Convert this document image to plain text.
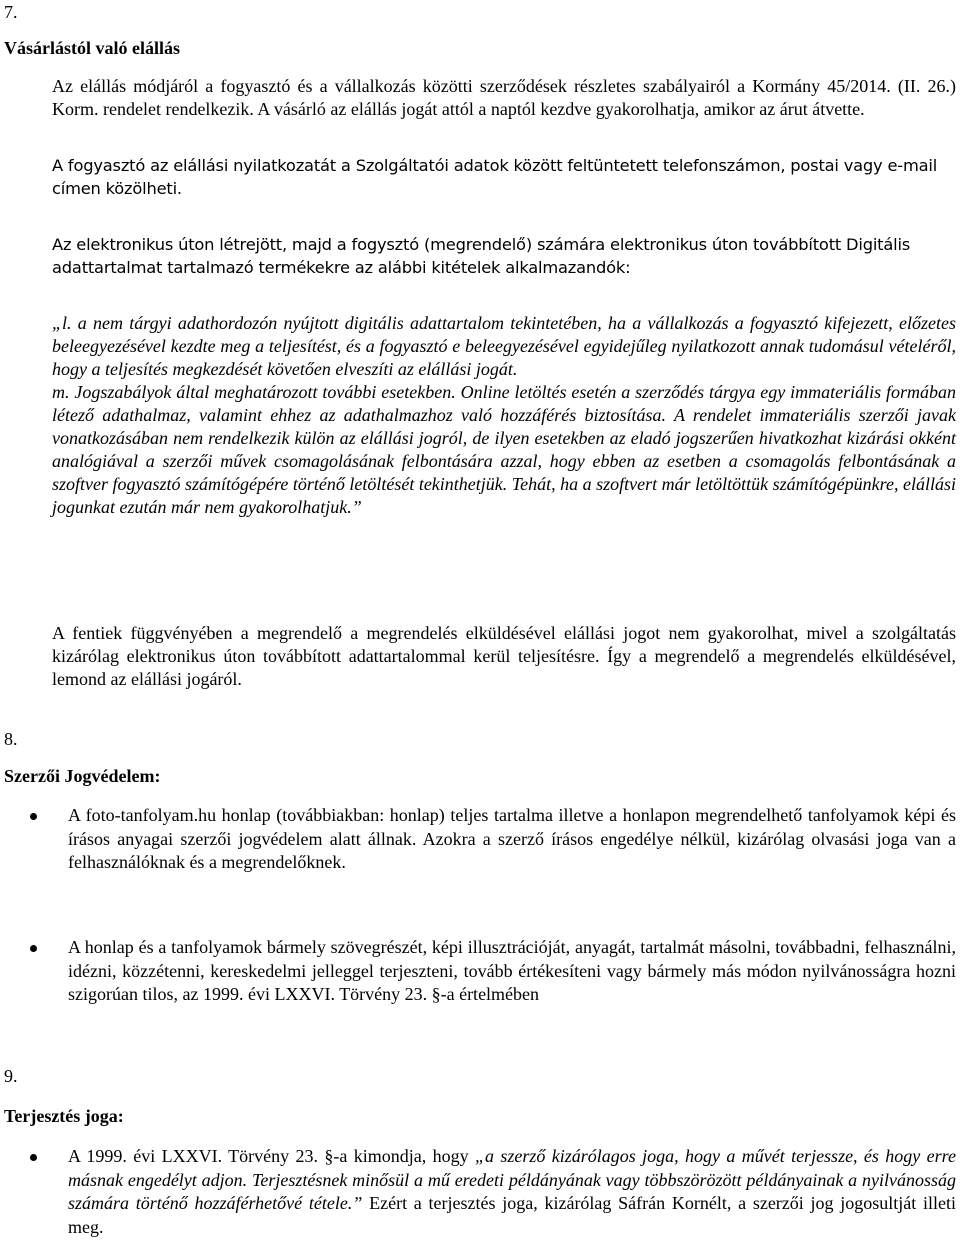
7.
Vásárlástól való elállás

Az elállás módjáról a fogyasztó és a vállalkozás közötti szerződések részletes szabályairól a Kormány 45/2014. (II. 26.) Korm. rendelet rendelkezik. A vásárló az elállás jogát attól a naptól kezdve gyakorolhatja, amikor az árut átvette.

A fogyasztó az elállási nyilatkozatát a Szolgáltatói adatok között feltüntetett telefonszámon, postai vagy e-mail címen közölheti.

Az elektronikus úton létrejött, majd a fogysztó (megrendelő) számára elektronikus úton továbbított Digitális adattartalmat tartalmazó termékekre az alábbi kitételek alkalmazandók:

„l. a nem tárgyi adathordozón nyújtott digitális adattartalom tekintetében, ha a vállalkozás a fogyasztó kifejezett, előzetes beleegyezésével kezdte meg a teljesítést, és a fogyasztó e beleegyezésével egyidejűleg nyilatkozott annak tudomásul vételéről, hogy a teljesítés megkezdését követően elveszíti az elállási jogát.
m. Jogszabályok által meghatározott további esetekben. Online letöltés esetén a szerződés tárgya egy immateriális formában létező adathalmaz, valamint ehhez az adathalmazhoz való hozzáférés biztosítása. A rendelet immateriális szerzői javak vonatkozásában nem rendelkezik külön az elállási jogról, de ilyen esetekben az eladó jogszerűen hivatkozhat kizárási okként analógiával a szerzői művek csomagolásának felbontására azzal, hogy ebben az esetben a csomagolás felbontásának a szoftver fogyasztó számítógépére történő letöltését tekinthetjük. Tehát, ha a szoftvert már letöltöttük számítógépünkre, elállási jogunkat ezután már nem gyakorolhatjuk.”

A fentiek függvényében a megrendelő a megrendelés elküldésével elállási jogot nem gyakorolhat, mivel a szolgáltatás kizárólag elektronikus úton továbbított adattartalommal kerül teljesítésre. Így a megrendelő a megrendelés elküldésével, lemond az elállási jogáról.

8.
Szerzői Jogvédelem:

A foto-tanfolyam.hu honlap (továbbiakban: honlap) teljes tartalma illetve a honlapon megrendelhető tanfolyamok képi és írásos anyagai szerzői jogvédelem alatt állnak. Azokra a szerző írásos engedélye nélkül, kizárólag olvasási joga van a felhasználóknak és a megrendelőknek.

A honlap és a tanfolyamok bármely szövegrészét, képi illusztrációját, anyagát, tartalmát másolni, továbbadni, felhasználni, idézni, közzétenni, kereskedelmi jelleggel terjeszteni, tovább értékesíteni vagy bármely más módon nyilvánosságra hozni szigorúan tilos, az 1999. évi LXXVI. Törvény 23. §-a értelmében

9.
Terjesztés joga:

A 1999. évi LXXVI. Törvény 23. §-a kimondja, hogy „a szerző kizárólagos joga, hogy a művét terjessze, és hogy erre másnak engedélyt adjon. Terjesztésnek minősül a mű eredeti példányának vagy többszörözött példányainak a nyilvánosság számára történő hozzáférhetővé tétele.” Ezért a terjesztés joga, kizárólag Sáfrán Kornélt, a szerzői jog jogosultját illeti meg.
